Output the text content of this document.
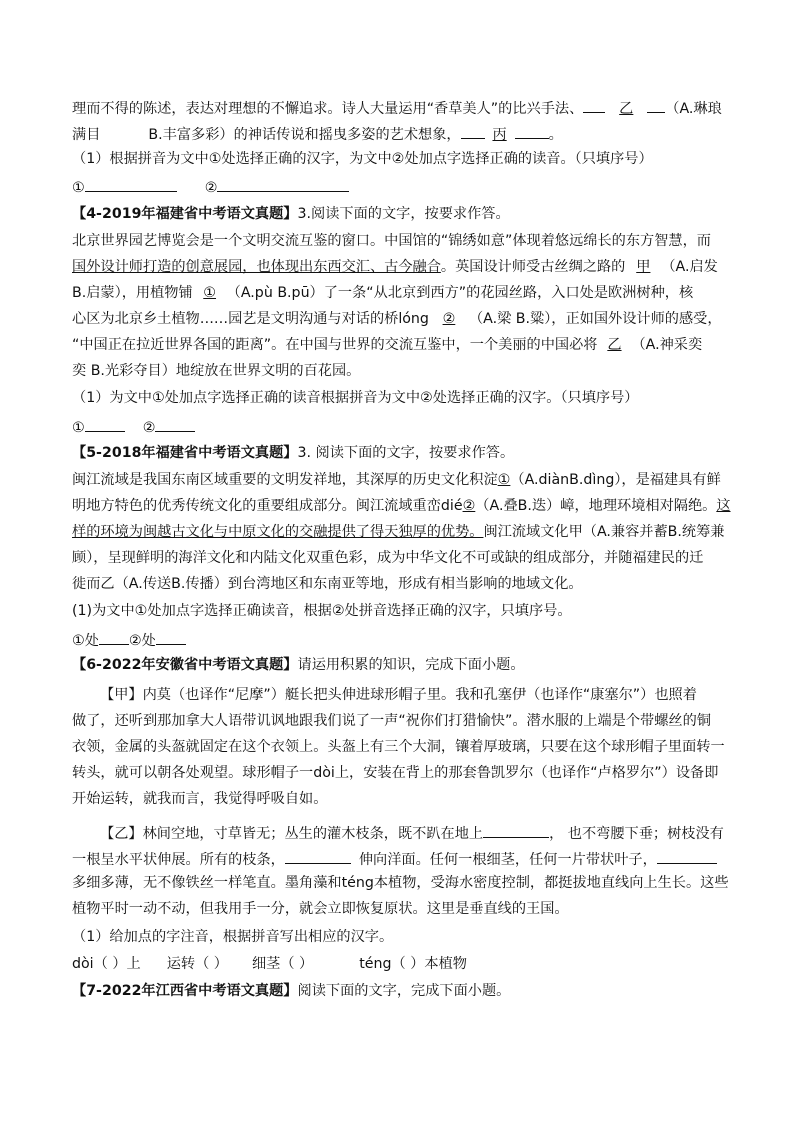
理而不得的陈述，表达对理想的不懈追求。诗人大量运用“香草美人”的比兴手法、	乙 （A.琳琅
满目	B.丰富多彩）的神话传说和摇曳多姿的艺术想象， 丙	。
（1）根据拼音为文中①处选择正确的汉字，为文中②处加点字选择正确的读音。（只填序号）
①	②
【4-2019年福建省中考语文真题】3.阅读下面的文字，按要求作答。
北京世界园艺博览会是一个文明交流互鉴的窗口。中国馆的“锦绣如意”体现着悠远绵长的东方智慧，而
国外设计师打造的创意展园，也体现出东西交汇、古今融合。英国设计师受古丝绸之路的 甲 （A.启发
B.启蒙），用植物铺 ① （A.pù B.pū）了一条“从北京到西方”的花园丝路，入口处是欧洲树种，核
心区为北京乡土植物……园艺是文明沟通与对话的桥lóng ② （A.梁 B.粱），正如国外设计师的感受，
“中国正在拉近世界各国的距离”。在中国与世界的交流互鉴中，一个美丽的中国必将 乙 （A.神采奕
奕 B.光彩夺目）地绽放在世界文明的百花园。
（1）为文中①处加点字选择正确的读音根据拼音为文中②处选择正确的汉字。（只填序号）
①	②
【5-2018年福建省中考语文真题】3. 阅读下面的文字，按要求作答。
闽江流域是我国东南区域重要的文明发祥地，其深厚的历史文化积淀①（A.diànB.dìng），是福建具有鲜
明地方特色的优秀传统文化的重要组成部分。闽江流域重峦dié②（A.叠B.迭）嶂，地理环境相对隔绝。这
样的环境为闽越古文化与中原文化的交融提供了得天独厚的优势。闽江流域文化甲（A.兼容并蓄B.统筹兼
顾），呈现鲜明的海洋文化和内陆文化双重色彩，成为中华文化不可或缺的组成部分，并随福建民的迁
徙而乙（A.传送B.传播）到台湾地区和东南亚等地，形成有相当影响的地域文化。
(1)为文中①处加点字选择正确读音，根据②处拼音选择正确的汉字，只填序号。
①处 ②处
【6-2022年安徽省中考语文真题】请运用积累的知识，完成下面小题。
【甲】内莫（也译作“尼摩”）艇长把头伸进球形帽子里。我和孔塞伊（也译作“康塞尔”）也照着
做了，还听到那加拿大人语带讥讽地跟我们说了一声“祝你们打猎愉快”。潜水服的上端是个带螺丝的铜
衣领，金属的头盔就固定在这个衣领上。头盔上有三个大洞，镶着厚玻璃，只要在这个球形帽子里面转一
转头，就可以朝各处观望。球形帽子一dòi上，安装在背上的那套鲁凯罗尔（也译作“卢格罗尔”）设备即
开始运转，就我而言，我觉得呼吸自如。
【乙】林间空地，寸草皆无；丛生的灌木枝条，既不趴在地上	， 也不弯腰下垂；树枝没有
一根呈水平状伸展。所有的枝条，	伸向洋面。任何一根细茎，任何一片带状叶子，
多细多薄，无不像铁丝一样笔直。墨角藻和téng本植物，受海水密度控制，都挺拔地直线向上生长。这些
植物平时一动不动，但我用手一分，就会立即恢复原状。这里是垂直线的王国。
（1）给加点的字注音，根据拼音写出相应的汉字。
dòi（ ）上 运转（ ） 细茎（ ）	téng（ ）本植物
【7-2022年江西省中考语文真题】阅读下面的文字，完成下面小题。
